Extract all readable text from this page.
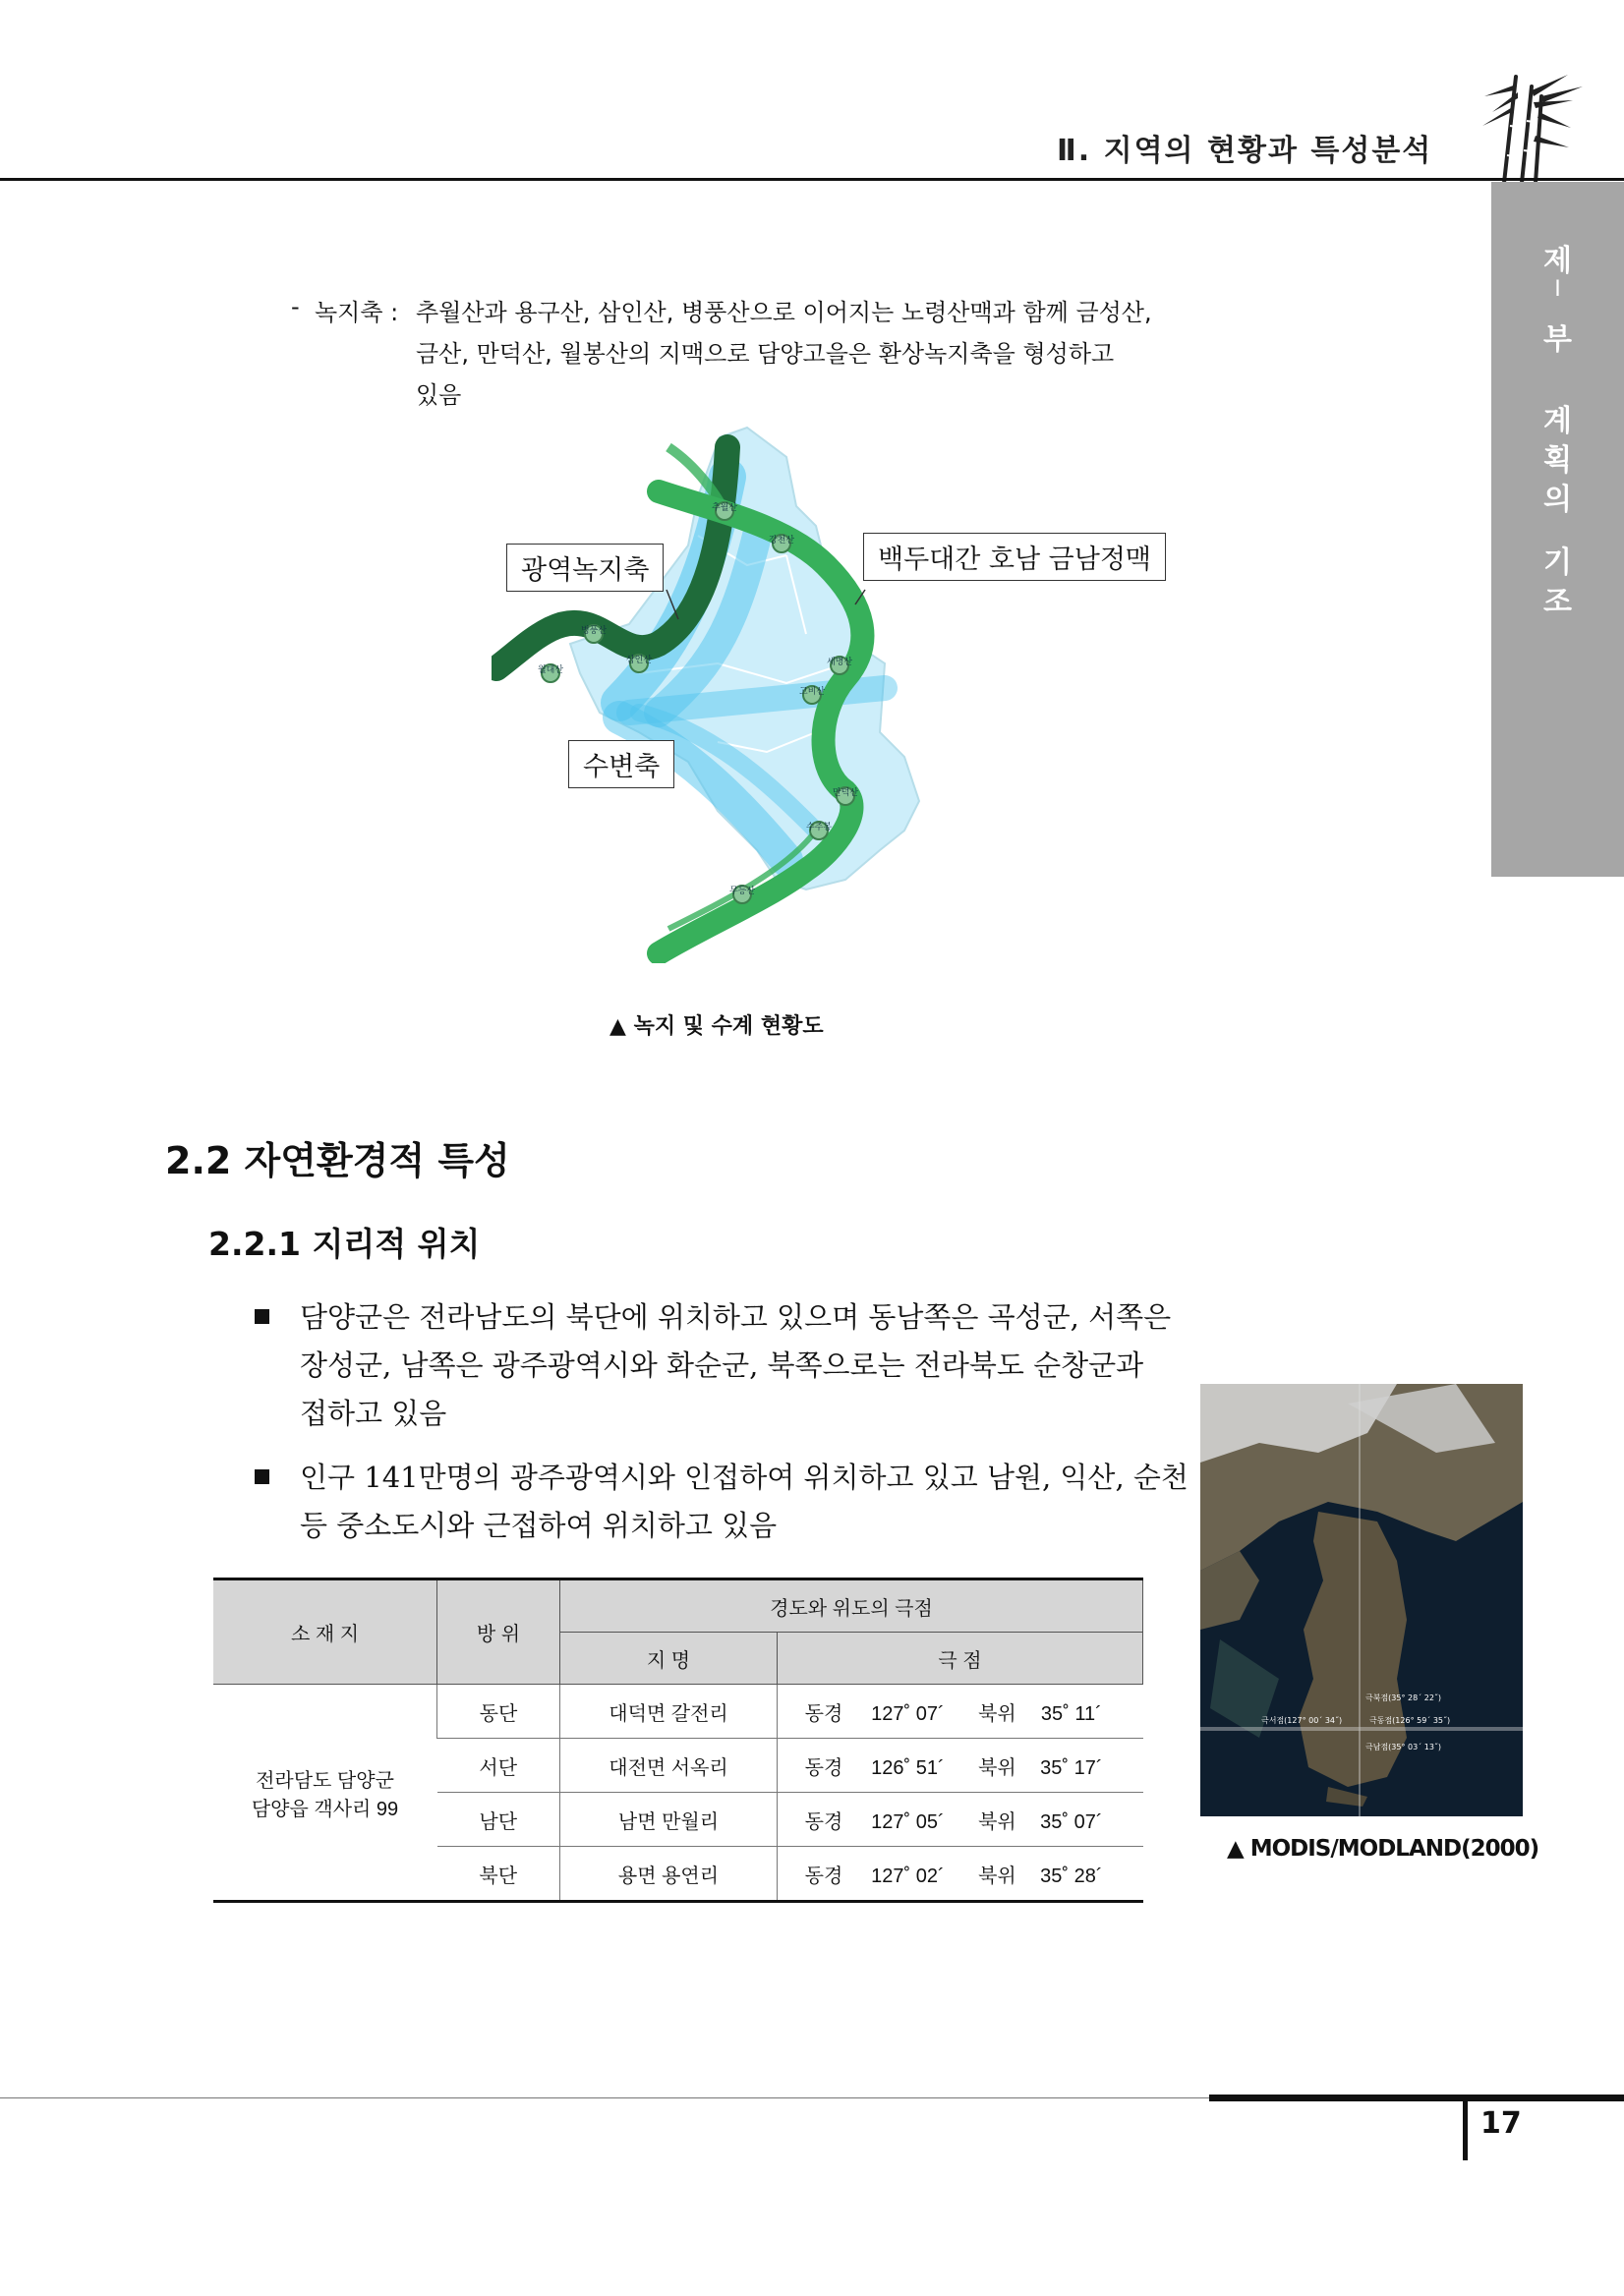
Ⅱ. 지역의 현황과 특성분석
제
Ⅰ
부
계
획
의
기
조
- 녹지축 : 추월산과 용구산, 삼인산, 병풍산으로 이어지는 노령산맥과 함께 금성산,
금산, 만덕산, 월봉산의 지맥으로 담양고을은 환상녹지축을 형성하고
있음
추월산
강천산
병풍산
삼인산
월대산
세명산
고비산
만덕산
수주봉
무등산
광역녹지축	백두대간 호남 금남정맥
수변축
▲ 녹지 및 수계 현황도
2.2 자연환경적 특성
2.2.1 지리적 위치
담양군은 전라남도의 북단에 위치하고 있으며 동남쪽은 곡성군, 서쪽은
장성군, 남쪽은 광주광역시와 화순군, 북쪽으로는 전라북도 순창군과
접하고 있음
인구 141만명의 광주광역시와 인접하여 위치하고 있고 남원, 익산, 순천
등 중소도시와 근접하여 위치하고 있음
소 재 지	방 위	경도와 위도의 극점	
		지 명	극 점

전라담도 담양군
담양읍 객사리 99	동단	대덕면 갈전리	동경 127˚ 07´ 북위 35˚ 11´
	서단	대전면 서옥리	동경 126˚ 51´ 북위 35˚ 17´
	남단	남면 만월리	동경 127˚ 05´ 북위 35˚ 07´
	북단	용면 용연리	동경 127˚ 02´ 북위 35˚ 28´
극북점(35° 28´ 22˝)
극서점(127° 00´ 34˝)	극동점(126° 59´ 35˝)
극남점(35° 03´ 13˝)
▲ MODIS/MODLAND(2000)
17
